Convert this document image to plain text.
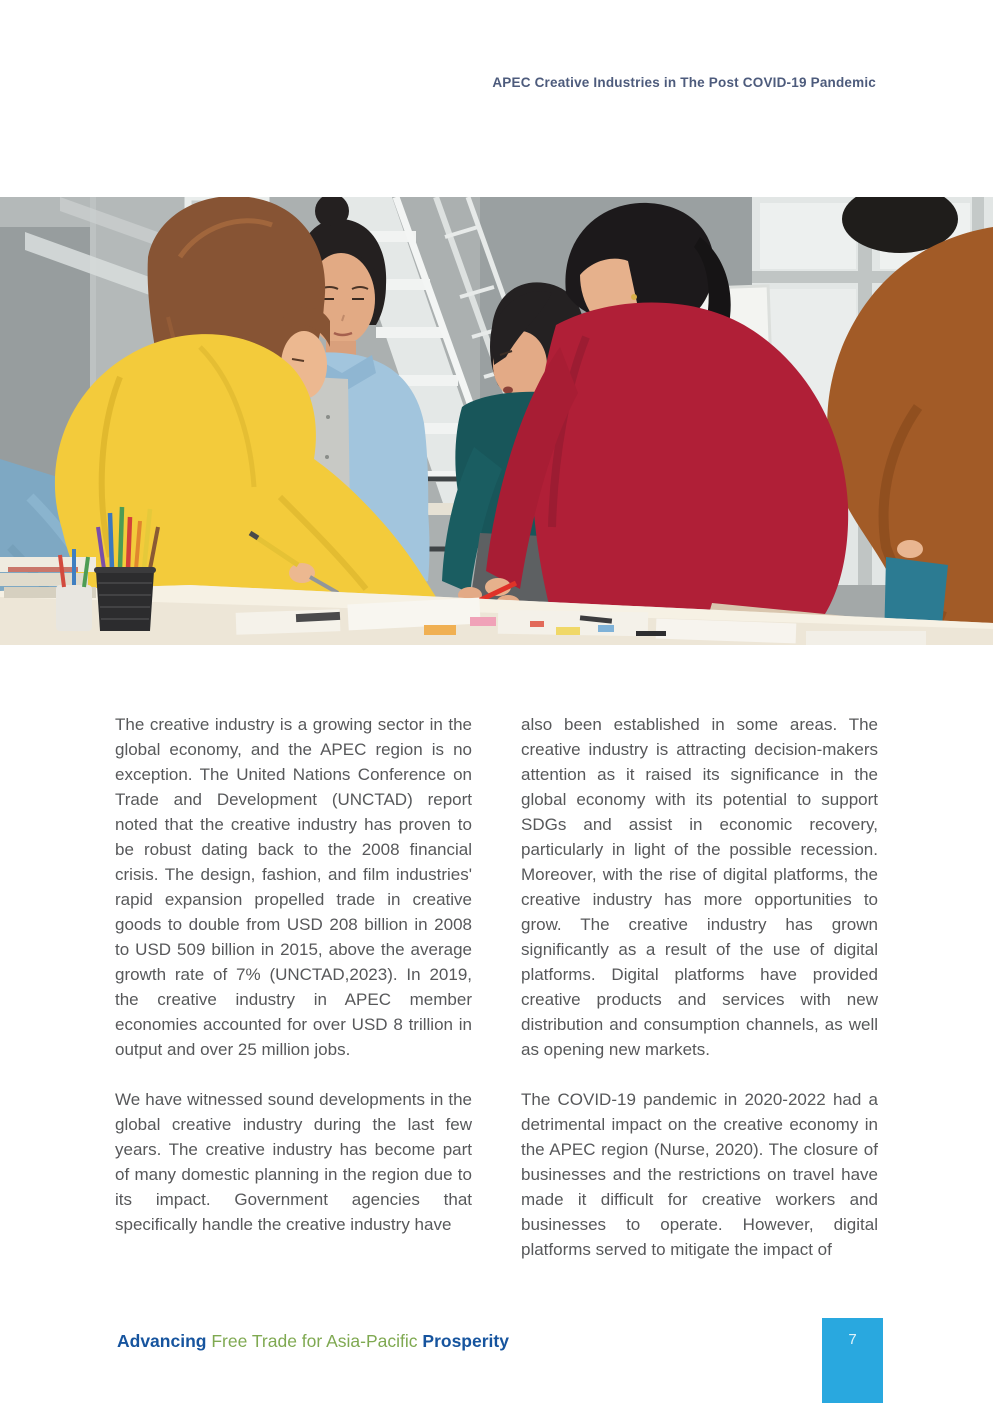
APEC Creative Industries in The Post COVID-19 Pandemic

The creative industry is a growing sector in the global economy, and the APEC region is no exception. The United Nations Conference on Trade and Development (UNCTAD) report noted that the creative industry has proven to be robust dating back to the 2008 financial crisis. The design, fashion, and film industries' rapid expansion propelled trade in creative goods to double from USD 208 billion in 2008 to USD 509 billion in 2015, above the average growth rate of 7% (UNCTAD,2023). In 2019, the creative industry in APEC member economies accounted for over USD 8 trillion in output and over 25 million jobs.

We have witnessed sound developments in the global creative industry during the last few years. The creative industry has become part of many domestic planning in the region due to its impact. Government agencies that specifically handle the creative industry have

also been established in some areas. The creative industry is attracting decision-makers attention as it raised its significance in the global economy with its potential to support SDGs and assist in economic recovery, particularly in light of the possible recession. Moreover, with the rise of digital platforms, the creative industry has more opportunities to grow. The creative industry has grown significantly as a result of the use of digital platforms. Digital platforms have provided creative products and services with new distribution and consumption channels, as well as opening new markets.

The COVID-19 pandemic in 2020-2022 had a detrimental impact on the creative economy in the APEC region (Nurse, 2020). The closure of businesses and the restrictions on travel have made it difficult for creative workers and businesses to operate. However, digital platforms served to mitigate the impact of

Advancing Free Trade for Asia-Pacific Prosperity	7
